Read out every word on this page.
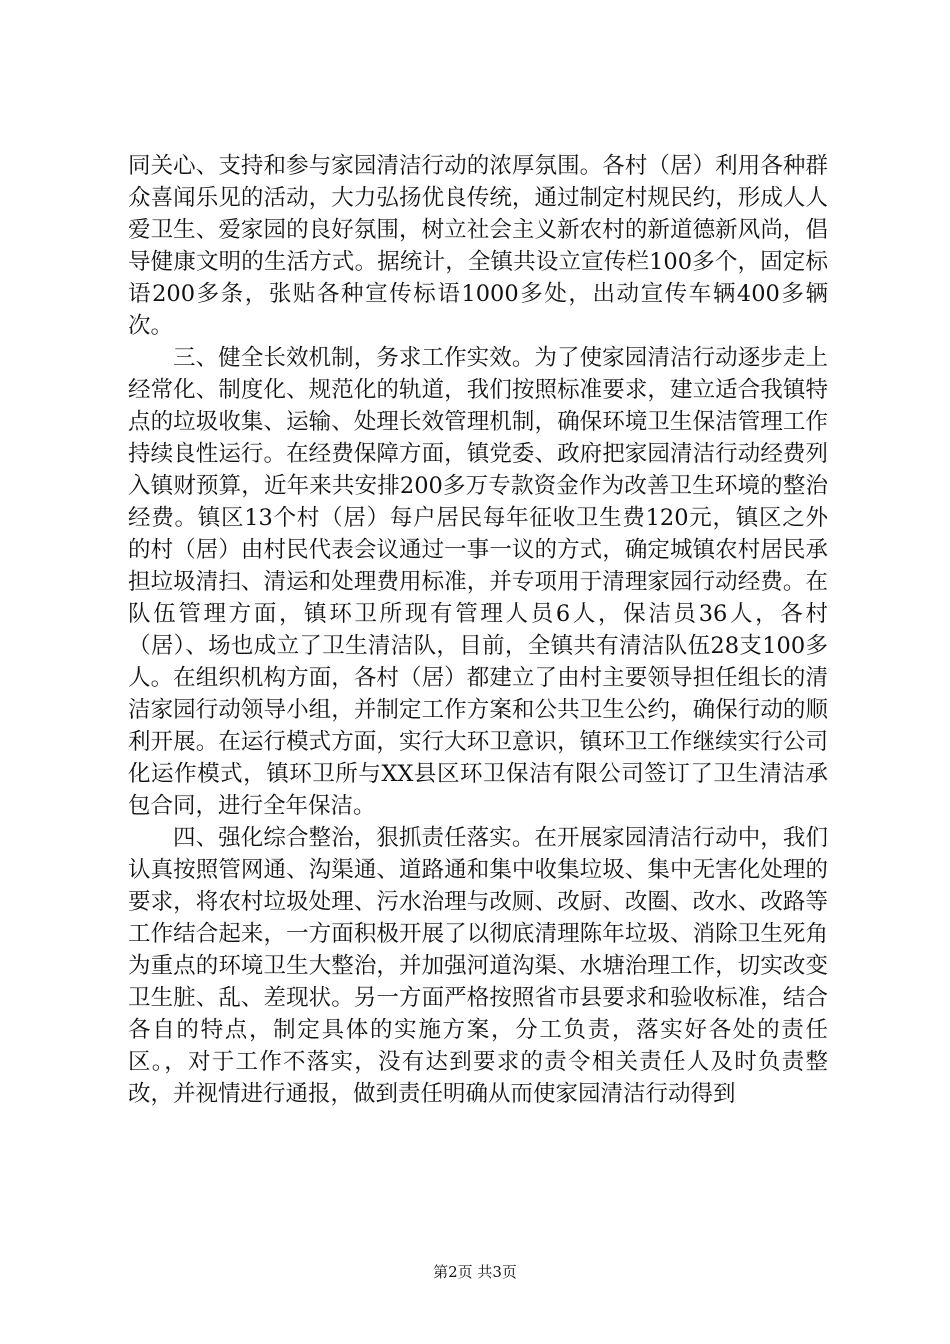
同关心、支持和参与家园清洁行动的浓厚氛围。各村（居）利用各种群众喜闻乐见的活动，大力弘扬优良传统，通过制定村规民约，形成人人爱卫生、爱家园的良好氛围，树立社会主义新农村的新道德新风尚，倡导健康文明的生活方式。据统计，全镇共设立宣传栏100多个，固定标语200多条，张贴各种宣传标语1000多处，出动宣传车辆400多辆次。

三、健全长效机制，务求工作实效。为了使家园清洁行动逐步走上经常化、制度化、规范化的轨道，我们按照标准要求，建立适合我镇特点的垃圾收集、运输、处理长效管理机制，确保环境卫生保洁管理工作持续良性运行。在经费保障方面，镇党委、政府把家园清洁行动经费列入镇财预算，近年来共安排200多万专款资金作为改善卫生环境的整治经费。镇区13个村（居）每户居民每年征收卫生费120元，镇区之外的村（居）由村民代表会议通过一事一议的方式，确定城镇农村居民承担垃圾清扫、清运和处理费用标准，并专项用于清理家园行动经费。在队伍管理方面，镇环卫所现有管理人员6人，保洁员36人，各村（居）、场也成立了卫生清洁队，目前，全镇共有清洁队伍28支100多人。在组织机构方面，各村（居）都建立了由村主要领导担任组长的清洁家园行动领导小组，并制定工作方案和公共卫生公约，确保行动的顺利开展。在运行模式方面，实行大环卫意识，镇环卫工作继续实行公司化运作模式，镇环卫所与XX县区环卫保洁有限公司签订了卫生清洁承包合同，进行全年保洁。

四、强化综合整治，狠抓责任落实。在开展家园清洁行动中，我们认真按照管网通、沟渠通、道路通和集中收集垃圾、集中无害化处理的要求，将农村垃圾处理、污水治理与改厕、改厨、改圈、改水、改路等工作结合起来，一方面积极开展了以彻底清理陈年垃圾、消除卫生死角为重点的环境卫生大整治，并加强河道沟渠、水塘治理工作，切实改变卫生脏、乱、差现状。另一方面严格按照省市县要求和验收标准，结合各自的特点，制定具体的实施方案，分工负责，落实好各处的责任区。，对于工作不落实，没有达到要求的责令相关责任人及时负责整改，并视情进行通报，做到责任明确从而使家园清洁行动得到

第2页 共3页
